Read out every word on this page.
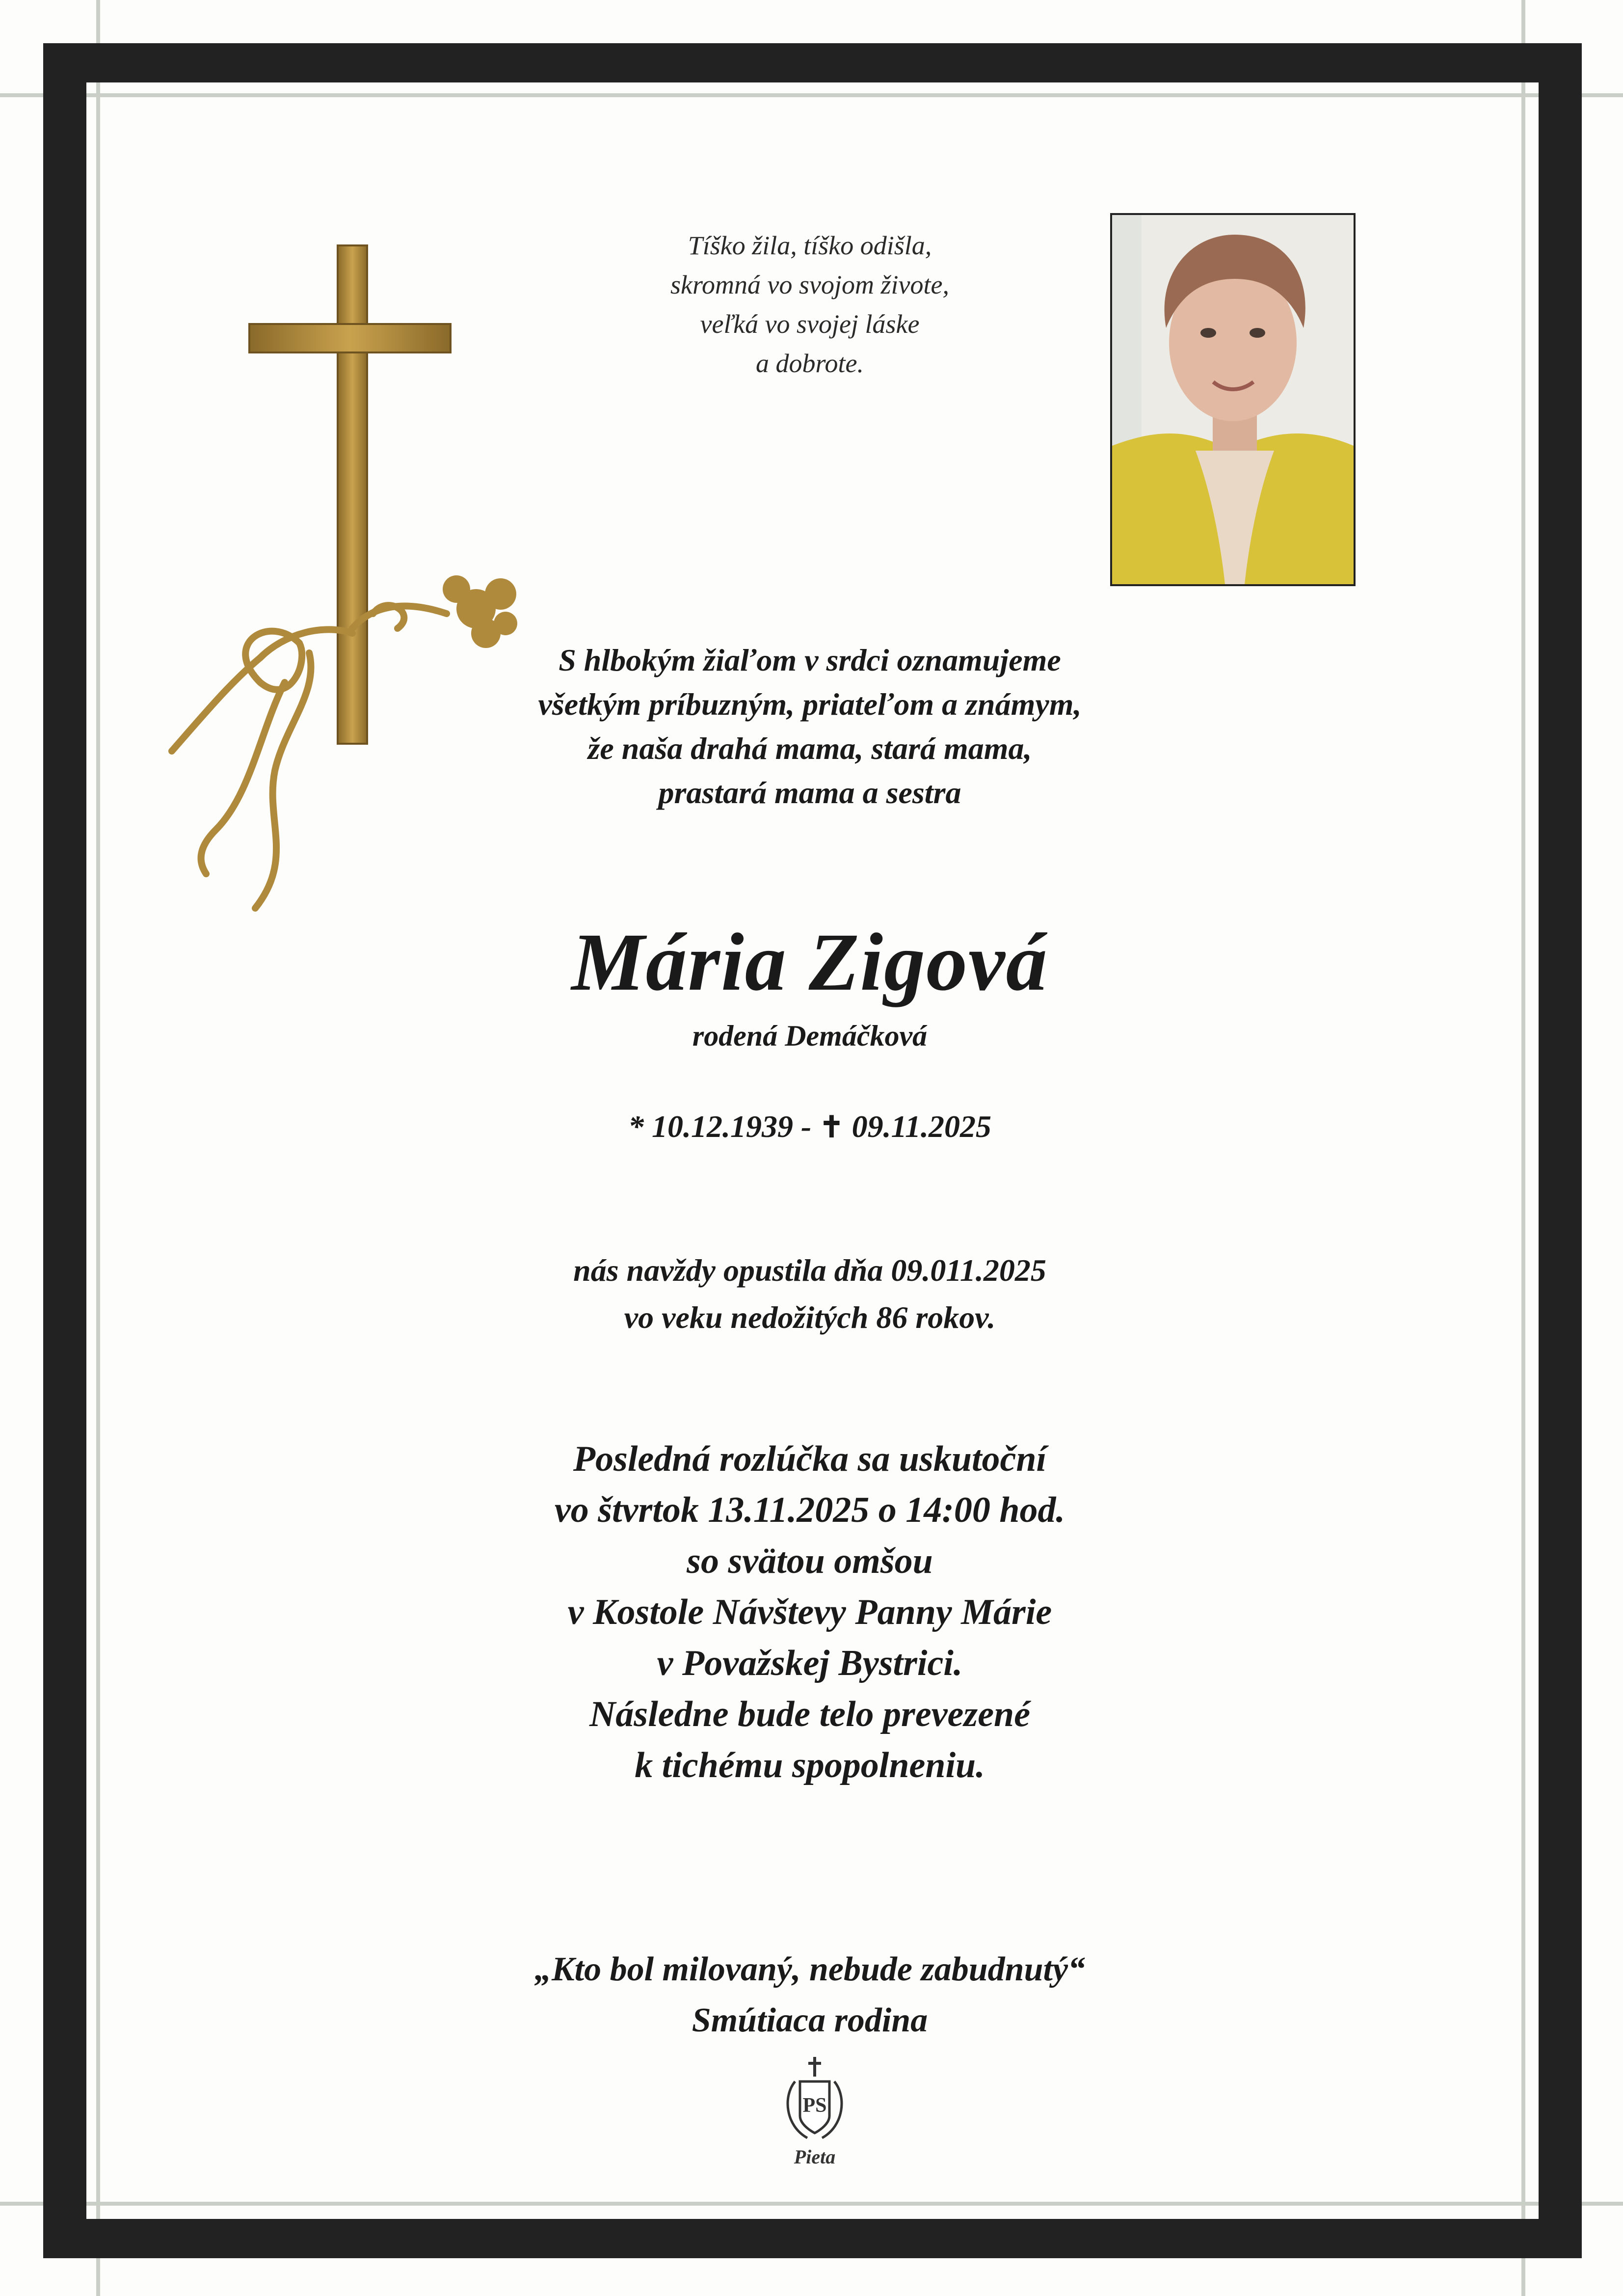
Tíško žila, tíško odišla,
skromná vo svojom živote,
veľká vo svojej láske
a dobrote.
S hlbokým žiaľom v srdci oznamujeme
všetkým príbuzným, priateľom a známym,
že naša drahá mama, stará mama,
prastará mama a sestra
Mária Zigová
rodená Demáčková
* 10.12.1939 - ✝ 09.11.2025
nás navždy opustila dňa 09.011.2025
vo veku nedožitých 86 rokov.
Posledná rozlúčka sa uskutoční
vo štvrtok 13.11.2025 o 14:00 hod.
so svätou omšou
v Kostole Návštevy Panny Márie
v Považskej Bystrici.
Následne bude telo prevezené
k tichému spopolneniu.
„Kto bol milovaný, nebude zabudnutý“
Smútiaca rodina
PS
Pieta
